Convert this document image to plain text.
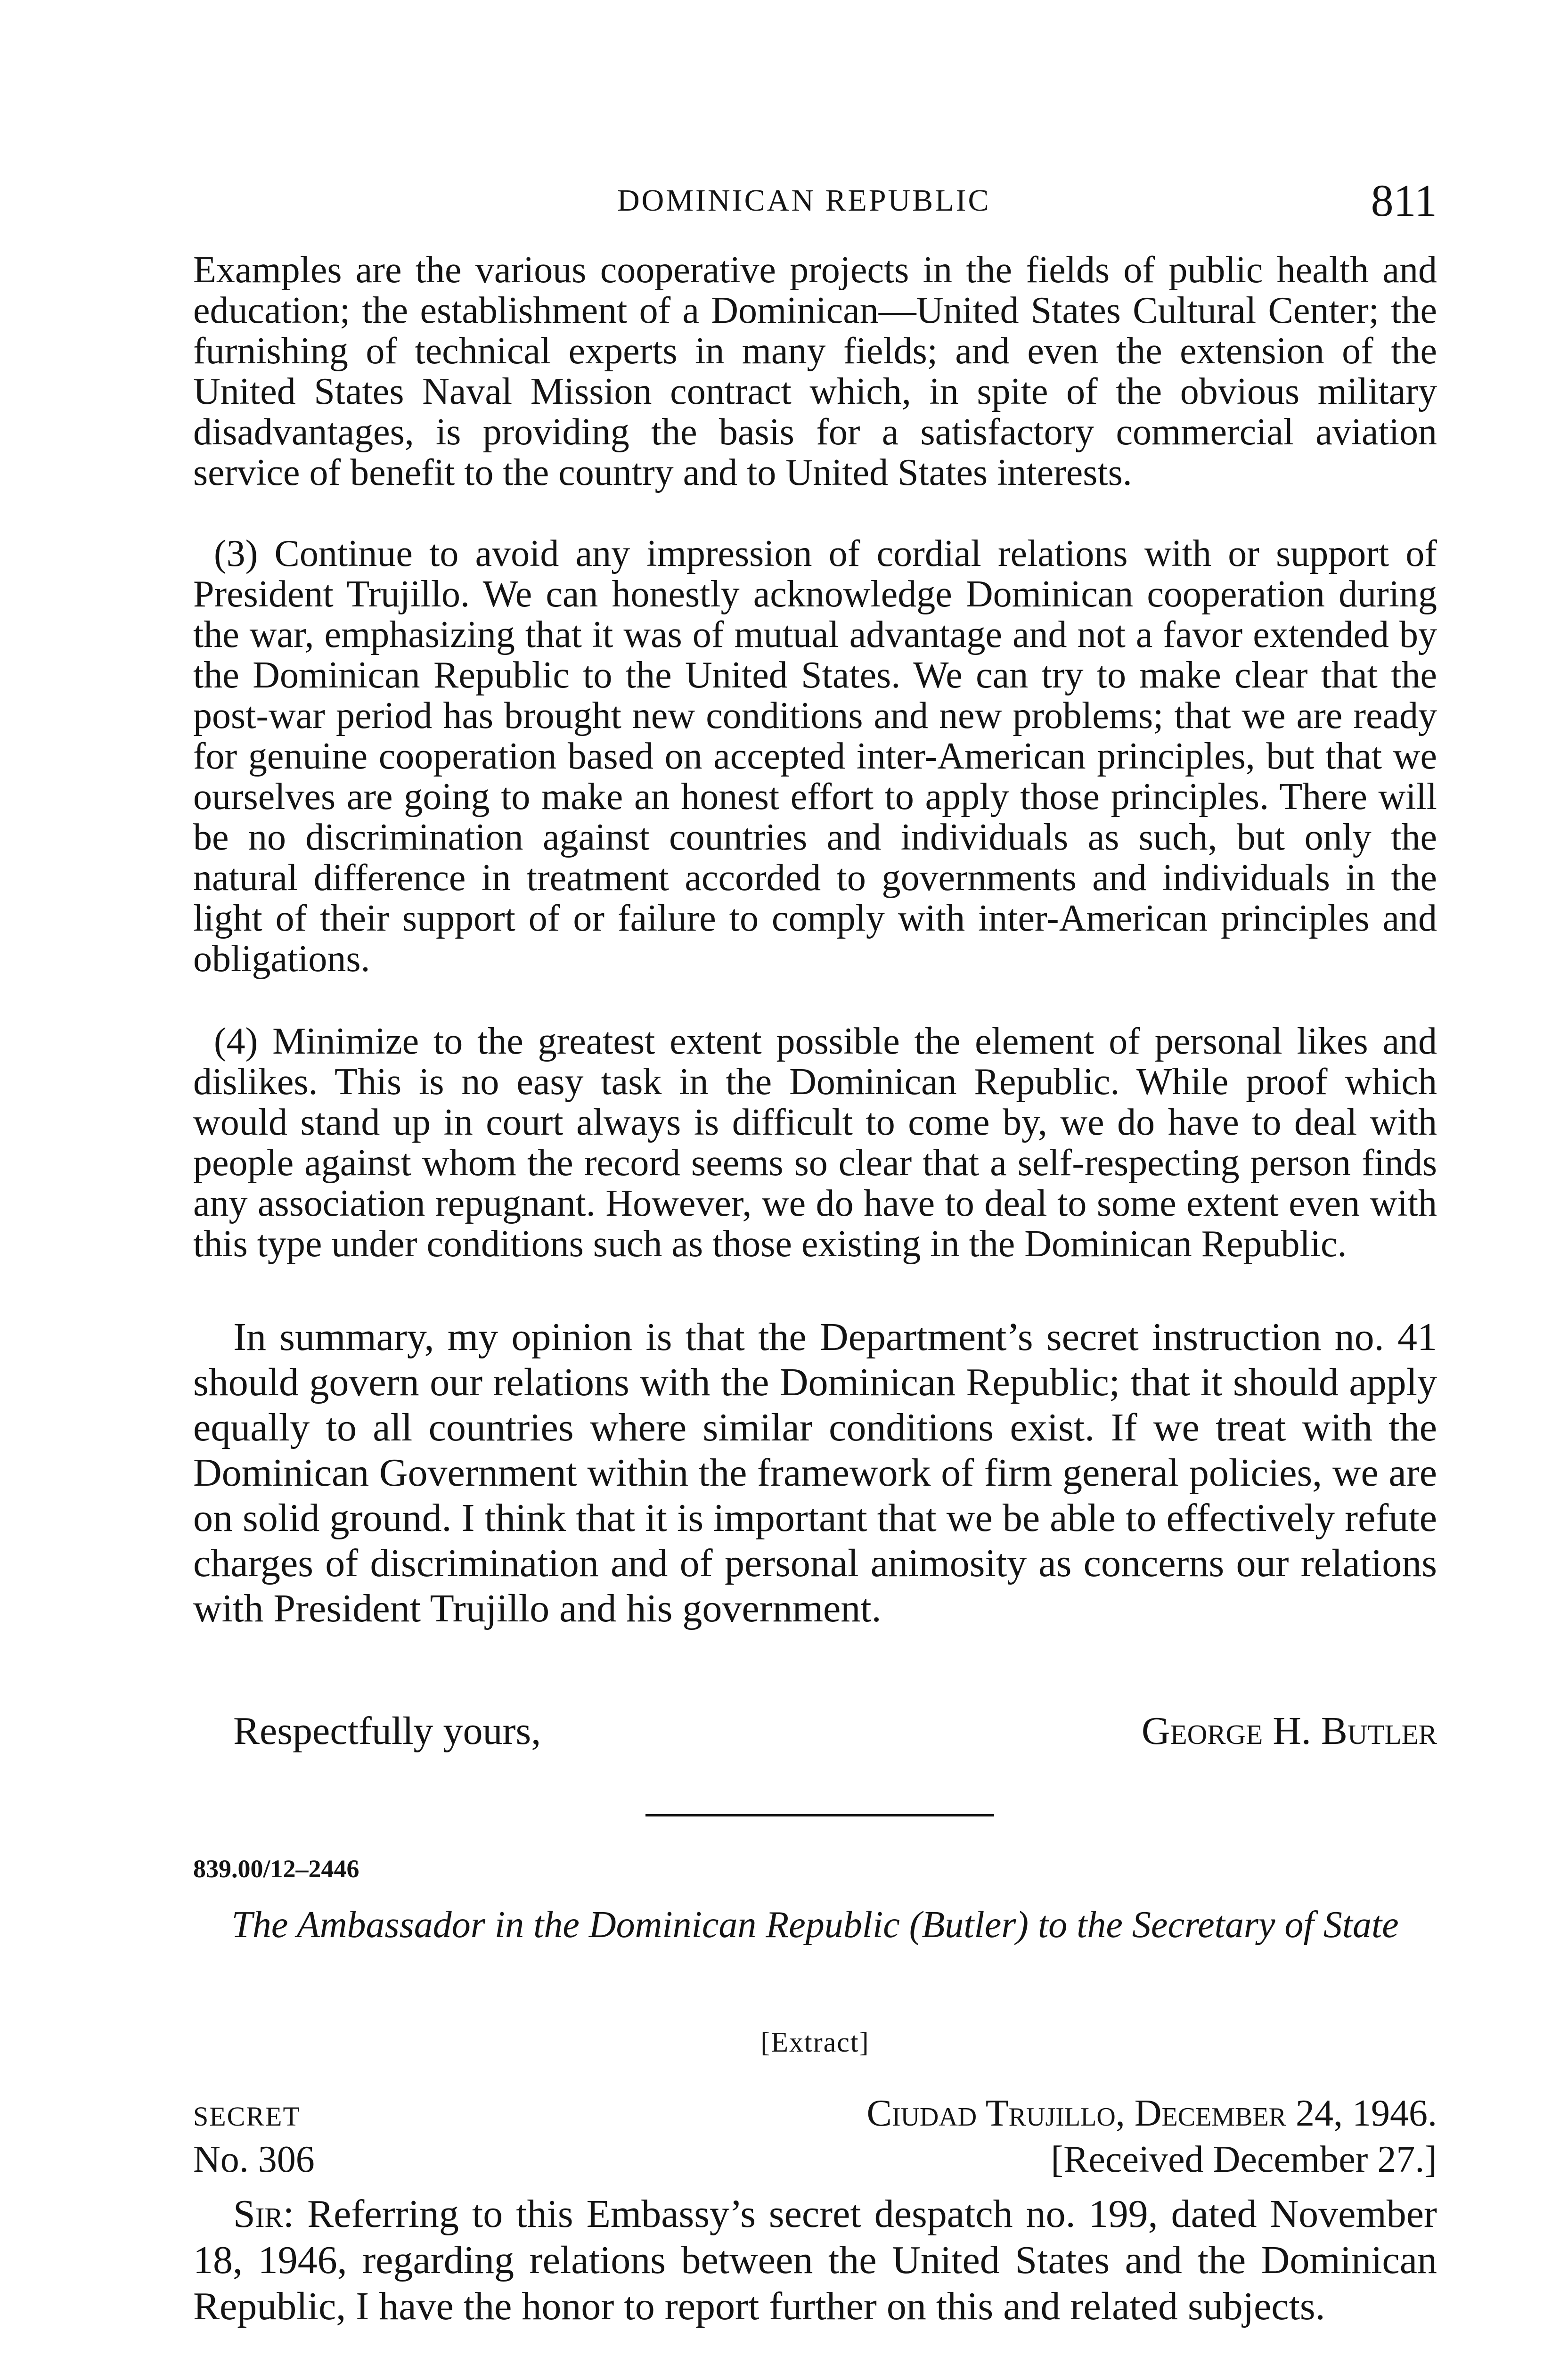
DOMINICAN REPUBLIC	811

Examples are the various cooperative projects in the fields of public health and education; the establishment of a Dominican—United States Cultural Center; the furnishing of technical experts in many fields; and even the extension of the United States Naval Mission contract which, in spite of the obvious military disadvantages, is providing the basis for a satisfactory commercial aviation service of benefit to the country and to United States interests.

(3) Continue to avoid any impression of cordial relations with or support of President Trujillo. We can honestly acknowledge Dominican cooperation during the war, emphasizing that it was of mutual advantage and not a favor extended by the Dominican Republic to the United States. We can try to make clear that the post-war period has brought new conditions and new problems; that we are ready for genuine cooperation based on accepted inter-American principles, but that we ourselves are going to make an honest effort to apply those principles. There will be no discrimination against countries and individuals as such, but only the natural difference in treatment accorded to governments and individuals in the light of their support of or failure to comply with inter-American principles and obligations.

(4) Minimize to the greatest extent possible the element of personal likes and dislikes. This is no easy task in the Dominican Republic. While proof which would stand up in court always is difficult to come by, we do have to deal with people against whom the record seems so clear that a self-respecting person finds any association repugnant. However, we do have to deal to some extent even with this type under conditions such as those existing in the Dominican Republic.

In summary, my opinion is that the Department’s secret instruction no. 41 should govern our relations with the Dominican Republic; that it should apply equally to all countries where similar conditions exist. If we treat with the Dominican Government within the framework of firm general policies, we are on solid ground. I think that it is important that we be able to effectively refute charges of discrimination and of personal animosity as concerns our relations with President Trujillo and his government.

Respectfully yours,	George H. Butler
839.00/12–2446
The Ambassador in the Dominican Republic (Butler) to the Secretary of State
[Extract]
SECRET	Ciudad Trujillo, December 24, 1946.
No. 306	[Received December 27.]

Sir: Referring to this Embassy’s secret despatch no. 199, dated November 18, 1946, regarding relations between the United States and the Dominican Republic, I have the honor to report further on this and related subjects.
